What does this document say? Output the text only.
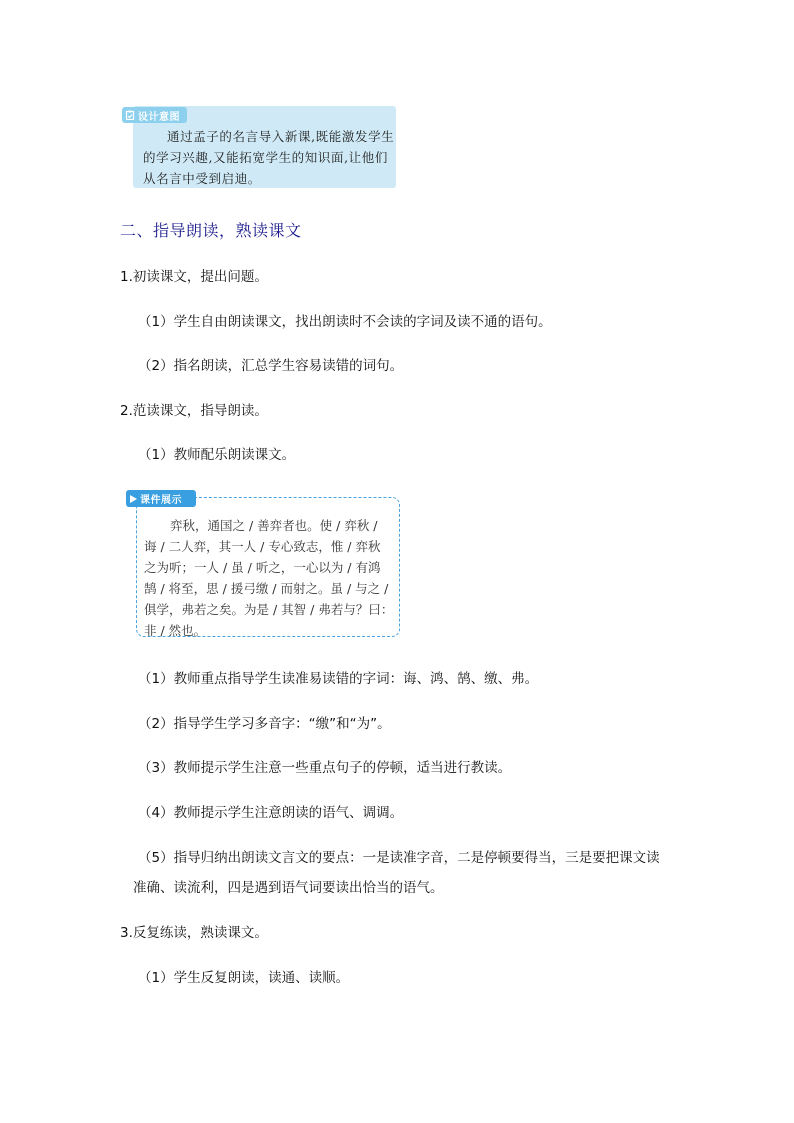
设计意图
通过孟子的名言导入新课,既能激发学生
的学习兴趣,又能拓宽学生的知识面,让他们
从名言中受到启迪。
二、指导朗读，熟读课文
1.初读课文，提出问题。
（1）学生自由朗读课文，找出朗读时不会读的字词及读不通的语句。
（2）指名朗读，汇总学生容易读错的词句。
2.范读课文，指导朗读。
（1）教师配乐朗读课文。
课件展示
弈秋，通国之 / 善弈者也。使 / 弈秋 /
诲 / 二人弈，其一人 / 专心致志，惟 / 弈秋
之为听；一人 / 虽 / 听之，一心以为 / 有鸿
鹄 / 将至，思 / 援弓缴 / 而射之。虽 / 与之 /
俱学，弗若之矣。为是 / 其智 / 弗若与？曰：
非 / 然也。
（1）教师重点指导学生读准易读错的字词：诲、鸿、鹄、缴、弗。
（2）指导学生学习多音字：“缴”和“为”。
（3）教师提示学生注意一些重点句子的停顿，适当进行教读。
（4）教师提示学生注意朗读的语气、调调。
（5）指导归纳出朗读文言文的要点：一是读准字音，二是停顿要得当，三是要把课文读
准确、读流利，四是遇到语气词要读出恰当的语气。
3.反复练读，熟读课文。
（1）学生反复朗读，读通、读顺。
